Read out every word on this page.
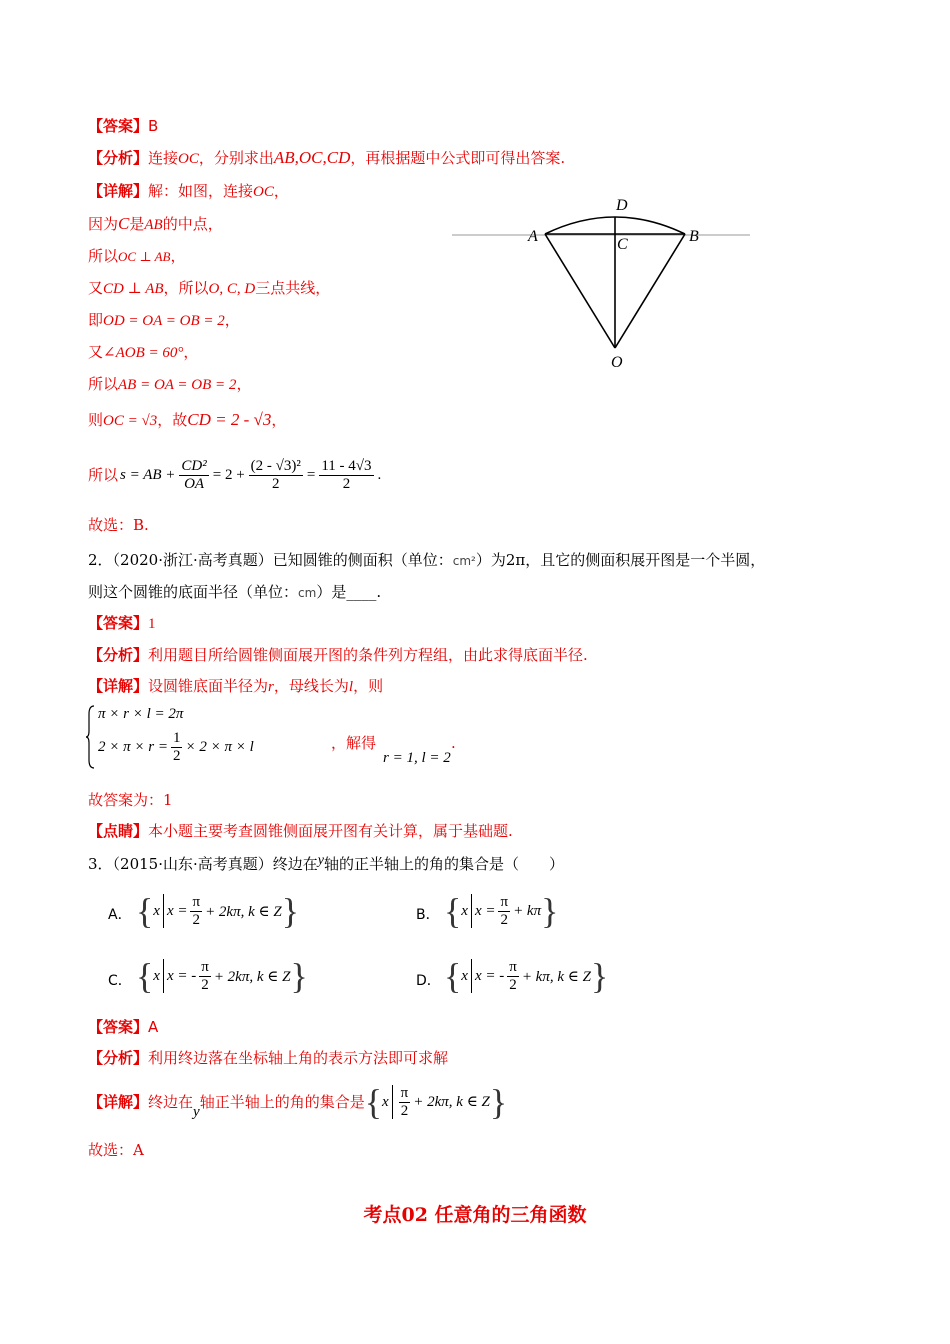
【答案】B
【分析】连接OC，分别求出AB,OC,CD，再根据题中公式即可得出答案.
【详解】解：如图，连接OC，
因为C是AB的中点，
所以OC ⊥ AB，
又CD ⊥ AB，所以O, C, D三点共线，
即OD = OA = OB = 2，
又∠AOB = 60°，
所以AB = OA = OB = 2，
则OC = √3，故CD = 2 - √3，
所以 s = AB + $\frac{\text{CD²}}{OA} = 2 + \frac{\text{(2 - √3)²}}{2} = \frac{11 - 4√3}{2}$ .
故选：B.
D
A	B
C
O
2．（2020·浙江·高考真题）已知圆锥的侧面积（单位：cm²）为2π，且它的侧面积展开图是一个半圆，
则这个圆锥的底面半径（单位：cm）是____.
【答案】1
【分析】利用题目所给圆锥侧面展开图的条件列方程组，由此求得底面半径.
【详解】设圆锥底面半径为r，母线长为l，则
π × r × l = 2π
$2 \times \pi \times r = \frac{1}{2} \times 2 \times \pi \times l$	，解得
r = 1, l = 2
.
故答案为：1
【点睛】本小题主要考查圆锥侧面展开图有关计算，属于基础题.
3．（2015·山东·高考真题）终边在y轴的正半轴上的角的集合是（　　）
A． { x $x = \frac{\pi}{2} + 2k\pi$, k ∈ Z }	B． { x $x = \frac{\pi}{2} + k\pi$ }
C． { x x = - $\frac{\pi}{2} + 2k\pi$, k ∈ Z }	D． { x x = - $\frac{\pi}{2} + k\pi$, k ∈ Z }
【答案】A
【分析】利用终边落在坐标轴上角的表示方法即可求解
【详解】 终边在
y
轴正半轴上的角的集合是 { x $\frac{\pi}{2} + 2k\pi$, k ∈ Z }
故选：A
考点02 任意角的三角函数
